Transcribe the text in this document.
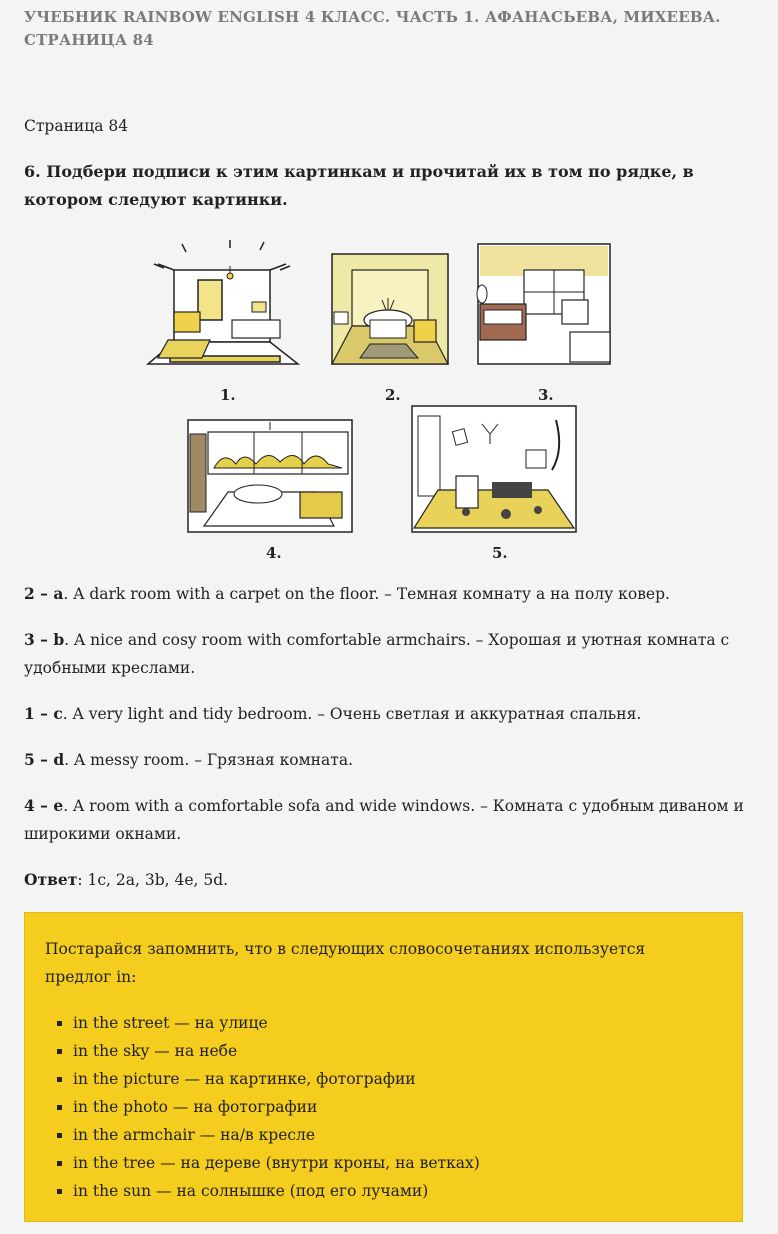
УЧЕБНИК RAINBOW ENGLISH 4 КЛАСС. ЧАСТЬ 1. АФАНАСЬЕВА, МИХЕЕВА.
СТРАНИЦА 84
Страница 84
6. Подбери подписи к этим картинкам и прочитай их в том по рядке, в котором следуют картинки.
1.	2.	3.
4.	5.
2 – a. A dark room with a carpet on the floor. – Темная комнату а на полу ковер.
3 – b. A nice and cosy room with comfortable armchairs. – Хорошая и уютная комната с удобными креслами.
1 – c. A very light and tidy bedroom. – Очень светлая и аккуратная спальня.
5 – d. A messy room. – Грязная комната.
4 – e. A room with a comfortable sofa and wide windows. – Комната с удобным диваном и широкими окнами.
Ответ: 1c, 2a, 3b, 4e, 5d.
Постарайся запомнить, что в следующих словосочетаниях используется предлог in:
in the street — на улице
in the sky — на небе
in the picture — на картинке, фотографии
in the photo — на фотографии
in the armchair — на/в кресле
in the tree — на дереве (внутри кроны, на ветках)
in the sun — на солнышке (под его лучами)
